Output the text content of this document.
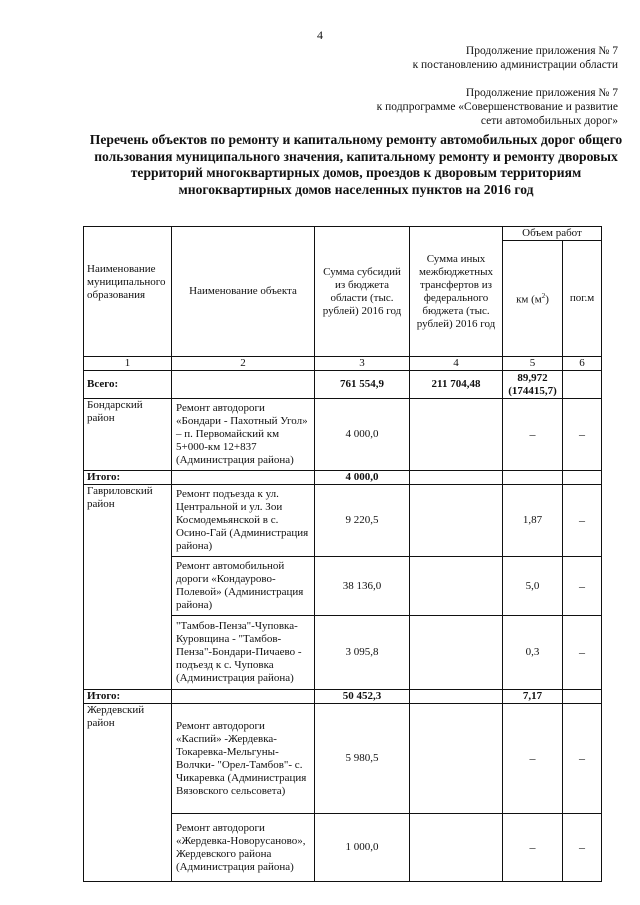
4
Продолжение приложения № 7
к постановлению администрации области
Продолжение приложения № 7
к подпрограмме «Совершенствование и развитие
сети автомобильных дорог»
Перечень объектов по ремонту и капитальному ремонту автомобильных дорог общего пользования муниципального значения, капитальному ремонту и ремонту дворовых территорий многоквартирных домов, проездов к дворовым территориям многоквартирных домов населенных пунктов на 2016 год
Наименование муниципального образования	Наименование объекта	Сумма субсидий из бюджета области (тыс. рублей) 2016 год	Сумма иных межбюджетных трансфертов из федерального бюджета (тыс. рублей) 2016 год	Объем работ	
				км $(м^2)$	пог.м
1	2	3	4	5	6
Всего:		761 554,9	211 704,48	89,972
(174415,7)	

Бондарский район	Ремонт автодороги «Бондари - Пахотный Угол» – п. Первомайский км 5+000-км 12+837 (Администрация района)	4 000,0		–	–
Итого:		4 000,0			
Гавриловский район	Ремонт подъезда к ул. Центральной и ул. Зои Космодемьянской в с. Осино-Гай (Администрация района)	9 220,5		1,87	–
	Ремонт автомобильной дороги «Кондаурово-Полевой» (Администрация района)	38 136,0		5,0	–
	"Тамбов-Пенза"-Чуповка-Куровщина - "Тамбов-Пенза"-Бондари-Пичаево - подъезд к с. Чуповка (Администрация района)	3 095,8		0,3	–
Итого:		50 452,3		7,17	
Жердевский район	Ремонт автодороги «Каспий» -Жердевка-Токаревка-Мельгуны-Волчки- "Орел-Тамбов"- с. Чикаревка (Администрация Вязовского сельсовета)	5 980,5		–	–
	Ремонт автодороги «Жердевка-Новорусаново», Жердевского района (Администрация района)	1 000,0		–	–
